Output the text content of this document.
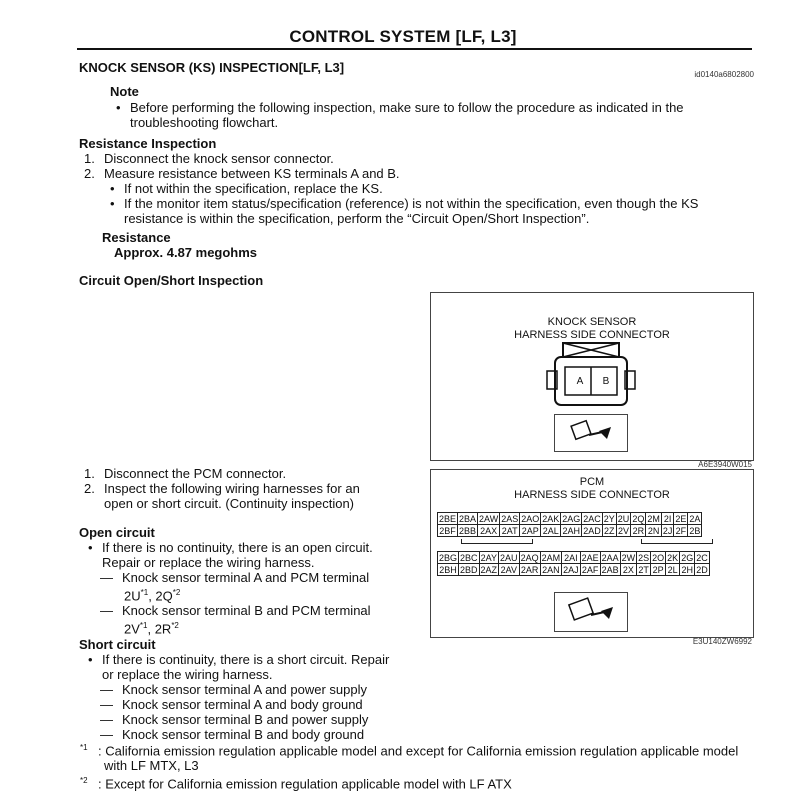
CONTROL SYSTEM [LF, L3]
KNOCK SENSOR (KS) INSPECTION[LF, L3]	id0140a6802800
Note
• Before performing the following inspection, make sure to follow the procedure as indicated in the
troubleshooting flowchart.
Resistance Inspection
1. Disconnect the knock sensor connector.
2. Measure resistance between KS terminals A and B.
• If not within the specification, replace the KS.
• If the monitor item status/specification (reference) is not within the specification, even though the KS
resistance is within the specification, perform the “Circuit Open/Short Inspection”.
Resistance
Approx. 4.87 megohms
Circuit Open/Short Inspection
1. Disconnect the PCM connector.
2. Inspect the following wiring harnesses for an
open or short circuit. (Continuity inspection)
Open circuit
• If there is no continuity, there is an open circuit.
Repair or replace the wiring harness.
— Knock sensor terminal A and PCM terminal
$2U^{*1}$, $2Q^{*2}$
— Knock sensor terminal B and PCM terminal
$2V^{*1}$, $2R^{*2}$
Short circuit
• If there is continuity, there is a short circuit. Repair
or replace the wiring harness.
— Knock sensor terminal A and power supply
— Knock sensor terminal A and body ground
— Knock sensor terminal B and power supply
— Knock sensor terminal B and body ground
$^{*1}$ : California emission regulation applicable model and except for California emission regulation applicable model
with LF MTX, L3
$^{*2}$ : Except for California emission regulation applicable model with LF ATX
KNOCK SENSOR
HARNESS SIDE CONNECTOR
A	B
A6E3940W015
PCM
HARNESS SIDE CONNECTOR
2BE	2BA	2AW	2AS	2AO	2AK	2AG	2AC	2Y	2U	2Q	2M	2I	2E	2A
2BF	2BB	2AX	2AT	2AP	2AL	2AH	2AD	2Z	2V	2R	2N	2J	2F	2B
2BG	2BC	2AY	2AU	2AQ	2AM	2AI	2AE	2AA	2W	2S	2O	2K	2G	2C
2BH	2BD	2AZ	2AV	2AR	2AN	2AJ	2AF	2AB	2X	2T	2P	2L	2H	2D
E3U140ZW6992
